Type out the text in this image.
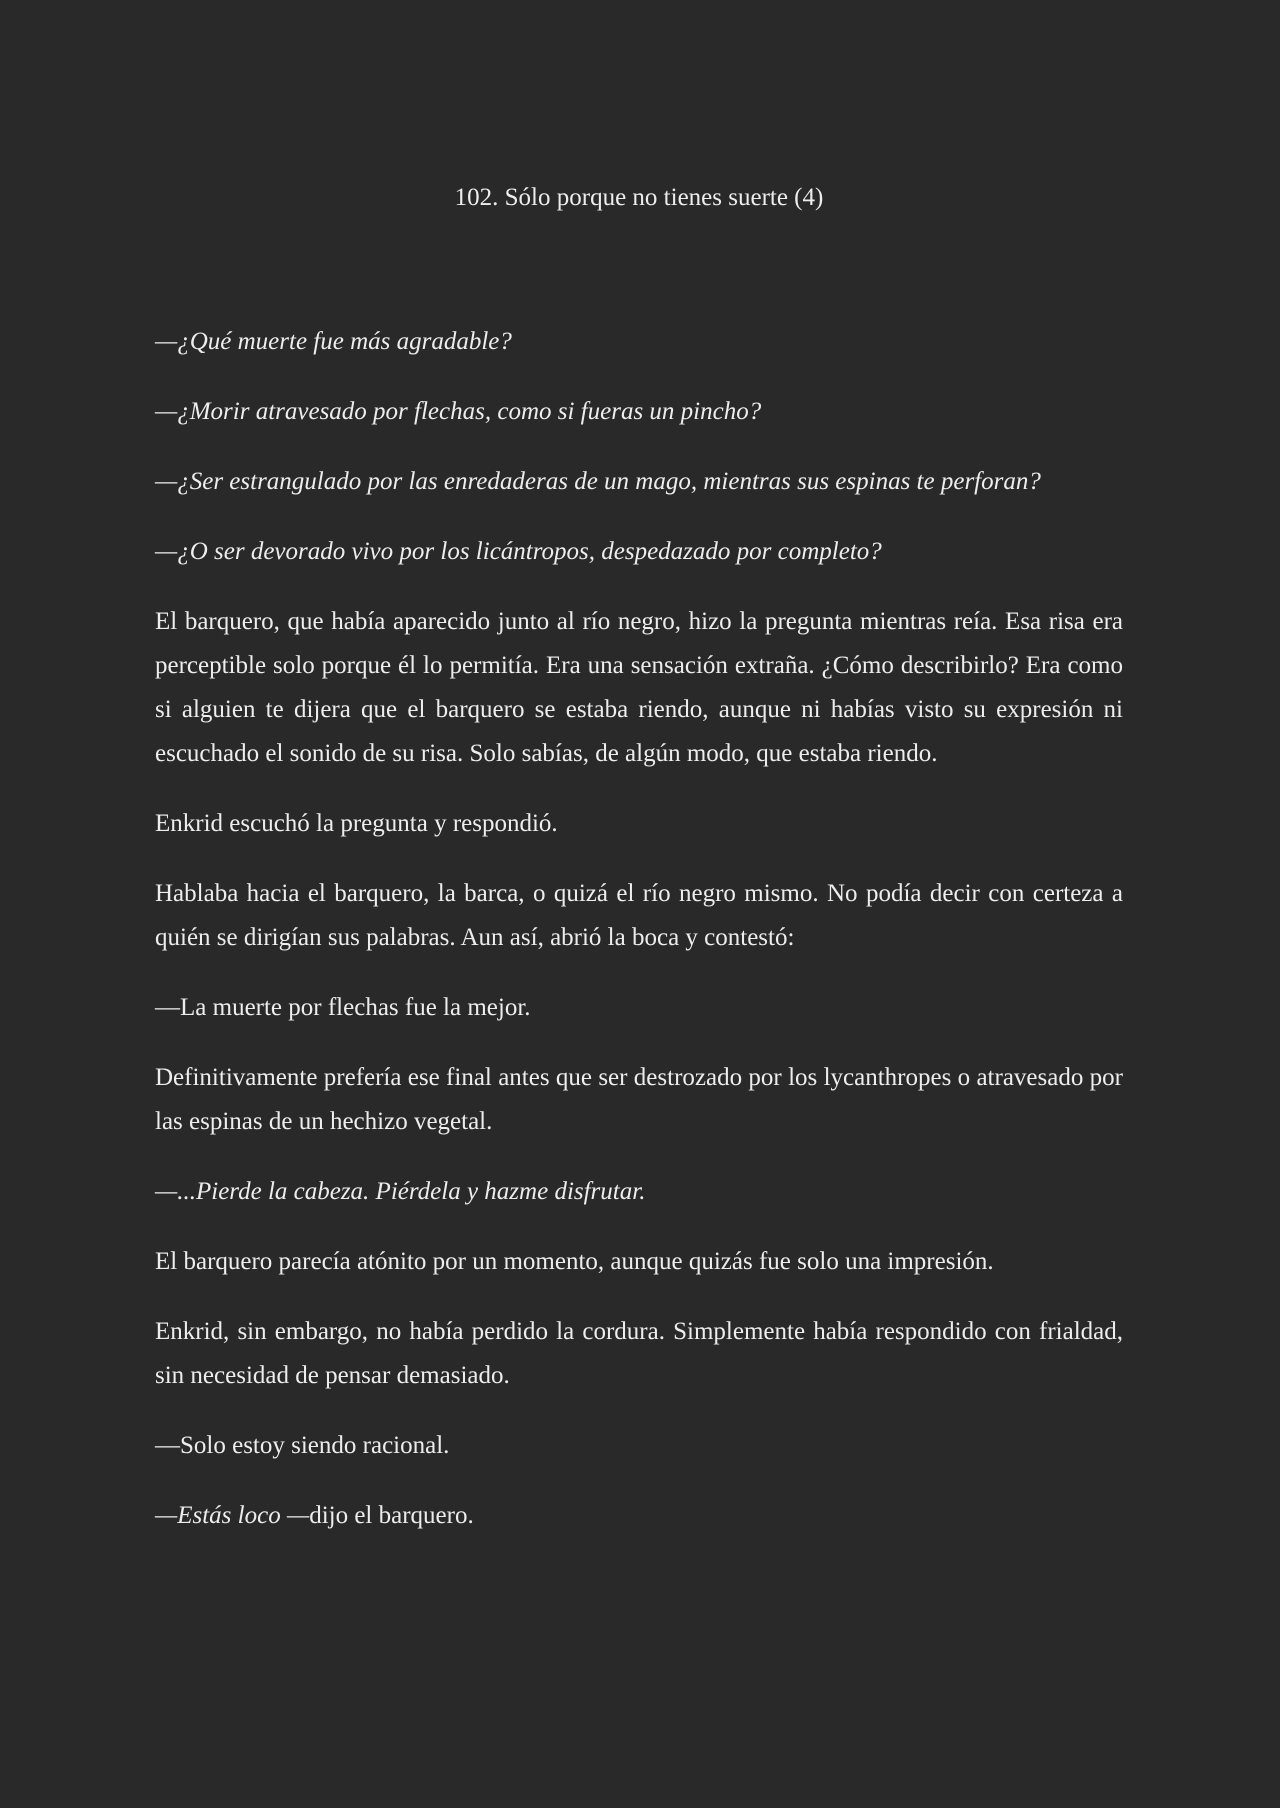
102. Sólo porque no tienes suerte (4)

—¿Qué muerte fue más agradable?

—¿Morir atravesado por flechas, como si fueras un pincho?

—¿Ser estrangulado por las enredaderas de un mago, mientras sus espinas te perforan?

—¿O ser devorado vivo por los licántropos, despedazado por completo?

El barquero, que había aparecido junto al río negro, hizo la pregunta mientras reía. Esa risa era perceptible solo porque él lo permitía. Era una sensación extraña. ¿Cómo describirlo? Era como si alguien te dijera que el barquero se estaba riendo, aunque ni habías visto su expresión ni escuchado el sonido de su risa. Solo sabías, de algún modo, que estaba riendo.

Enkrid escuchó la pregunta y respondió.

Hablaba hacia el barquero, la barca, o quizá el río negro mismo. No podía decir con certeza a quién se dirigían sus palabras. Aun así, abrió la boca y contestó:

—La muerte por flechas fue la mejor.

Definitivamente prefería ese final antes que ser destrozado por los lycanthropes o atravesado por las espinas de un hechizo vegetal.

—...Pierde la cabeza. Piérdela y hazme disfrutar.

El barquero parecía atónito por un momento, aunque quizás fue solo una impresión.

Enkrid, sin embargo, no había perdido la cordura. Simplemente había respondido con frialdad, sin necesidad de pensar demasiado.

—Solo estoy siendo racional.

—Estás loco —dijo el barquero.
